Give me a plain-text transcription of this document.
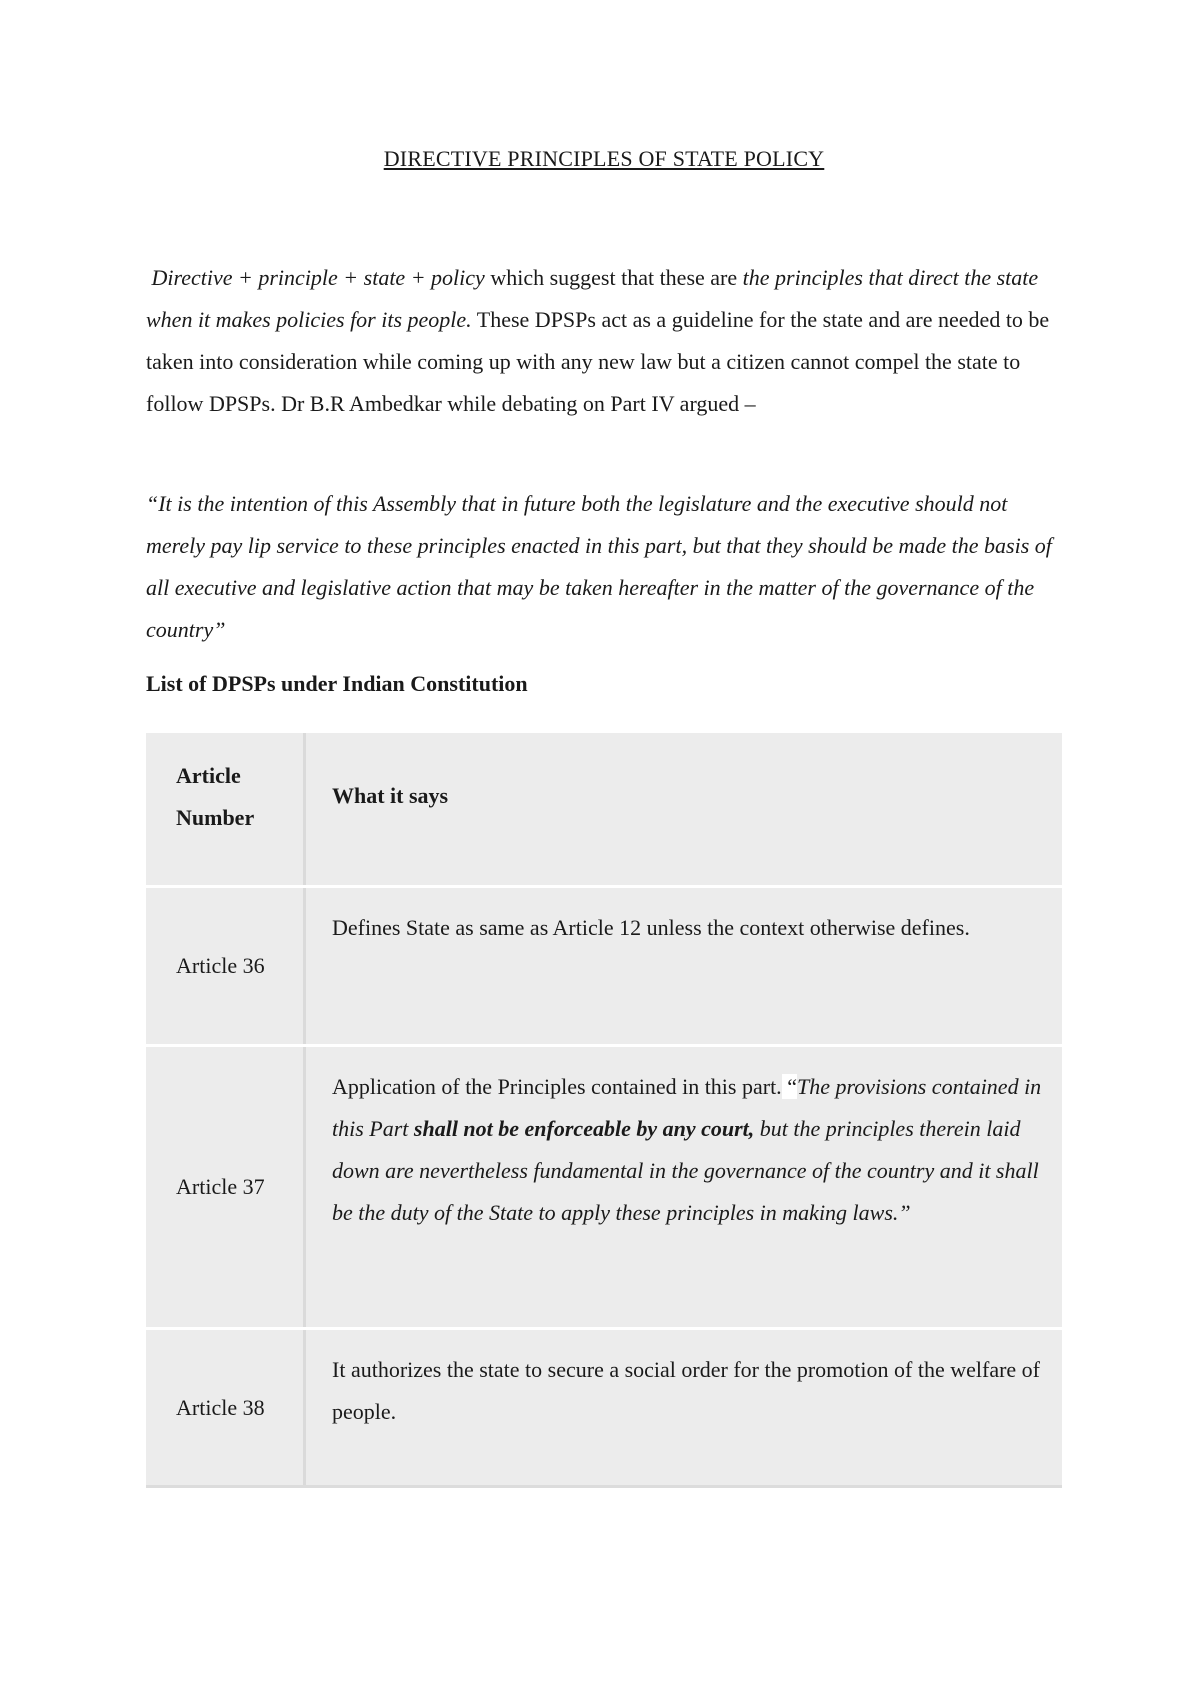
DIRECTIVE PRINCIPLES OF STATE POLICY
Directive + principle + state + policy which suggest that these are the principles that direct the state when it makes policies for its people. These DPSPs act as a guideline for the state and are needed to be taken into consideration while coming up with any new law but a citizen cannot compel the state to follow DPSPs. Dr B.R Ambedkar while debating on Part IV argued –
“It is the intention of this Assembly that in future both the legislature and the executive should not merely pay lip service to these principles enacted in this part, but that they should be made the basis of all executive and legislative action that may be taken hereafter in the matter of the governance of the country”
List of DPSPs under Indian Constitution
Article Number
What it says
Article 36
Defines State as same as Article 12 unless the context otherwise defines.
Article 37
Application of the Principles contained in this part. “The provisions contained in this Part shall not be enforceable by any court, but the principles therein laid down are nevertheless fundamental in the governance of the country and it shall be the duty of the State to apply these principles in making laws.”
Article 38
It authorizes the state to secure a social order for the promotion of the welfare of people.
